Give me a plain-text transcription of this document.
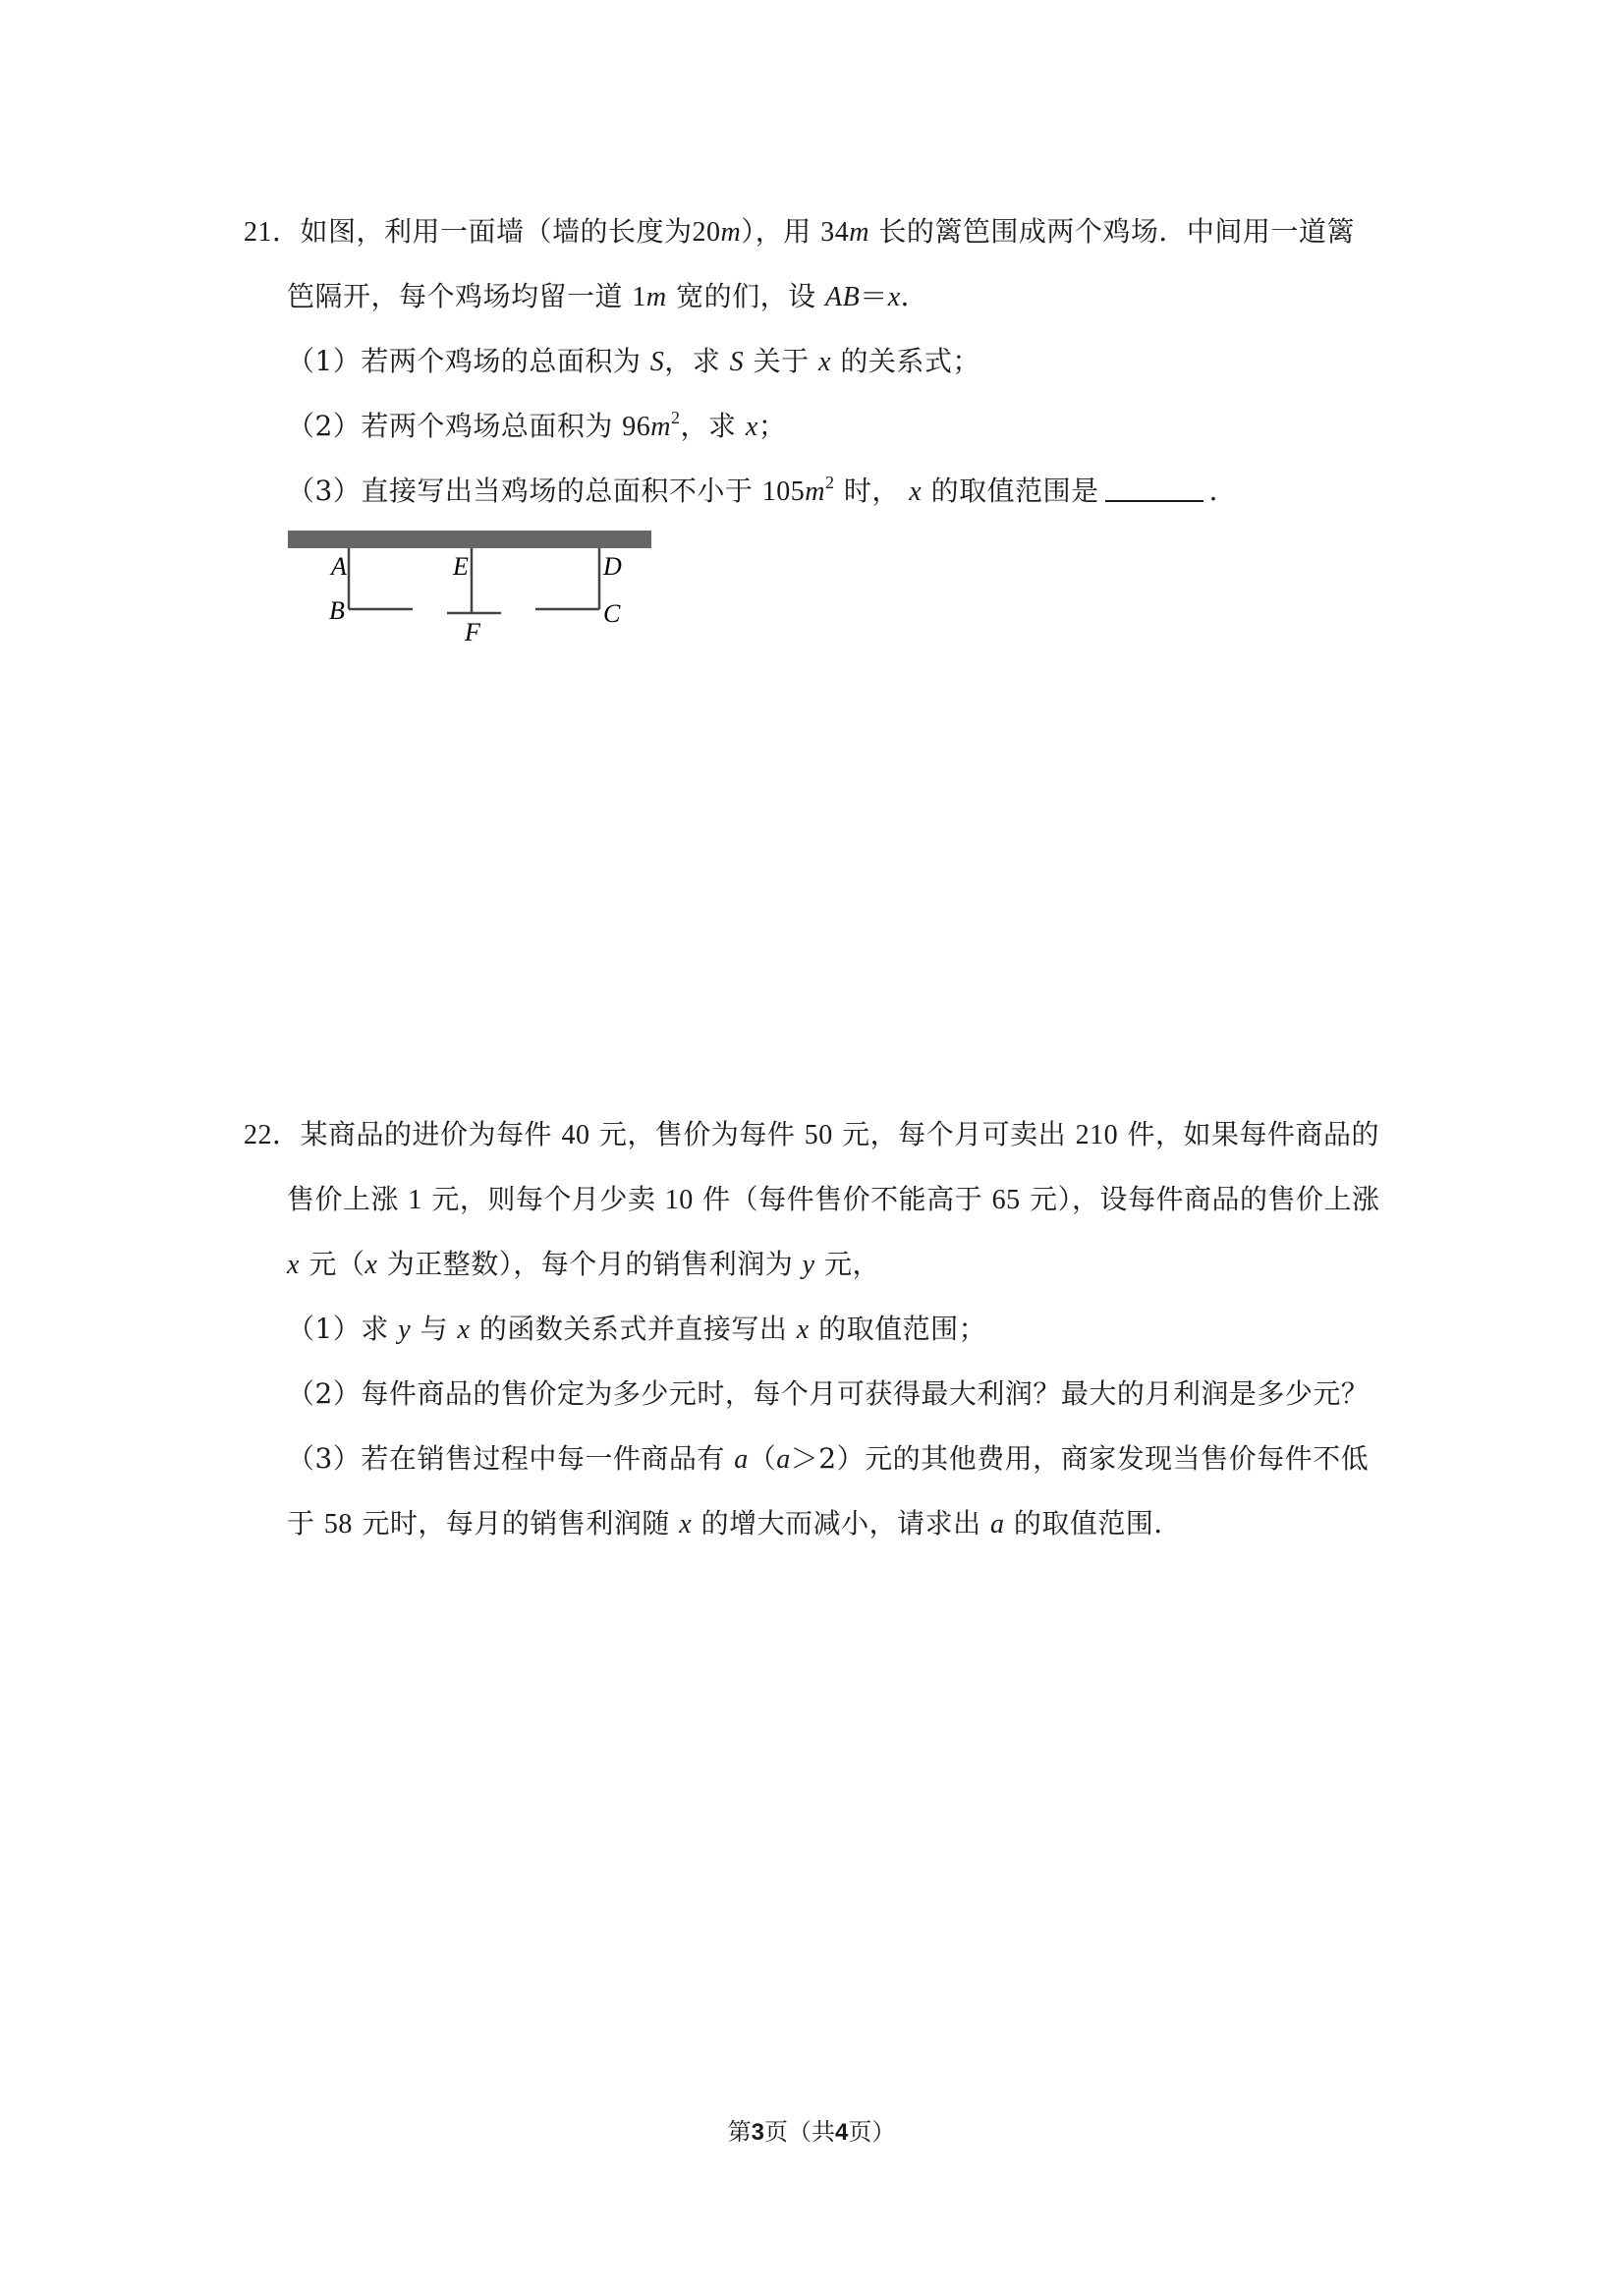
21．如图，利用一面墙（墙的长度为20m），用 34m 长的篱笆围成两个鸡场．中间用一道篱
笆隔开，每个鸡场均留一道 1m 宽的们，设 AB＝x．
（1）若两个鸡场的总面积为 S，求 S 关于 x 的关系式；
（2）若两个鸡场总面积为 $96m^2$，求 x；
（3）直接写出当鸡场的总面积不小于 $105m^2$ 时， x 的取值范围是	．
A
B
E
F
D
C
22．某商品的进价为每件 40 元，售价为每件 50 元，每个月可卖出 210 件，如果每件商品的
售价上涨 1 元，则每个月少卖 10 件（每件售价不能高于 65 元），设每件商品的售价上涨
x 元（x 为正整数），每个月的销售利润为 y 元，
（1）求 y 与 x 的函数关系式并直接写出 x 的取值范围；
（2）每件商品的售价定为多少元时，每个月可获得最大利润？最大的月利润是多少元？
（3）若在销售过程中每一件商品有 a（a＞2）元的其他费用，商家发现当售价每件不低
于 58 元时，每月的销售利润随 x 的增大而减小，请求出 a 的取值范围．
第3页（共4页）
